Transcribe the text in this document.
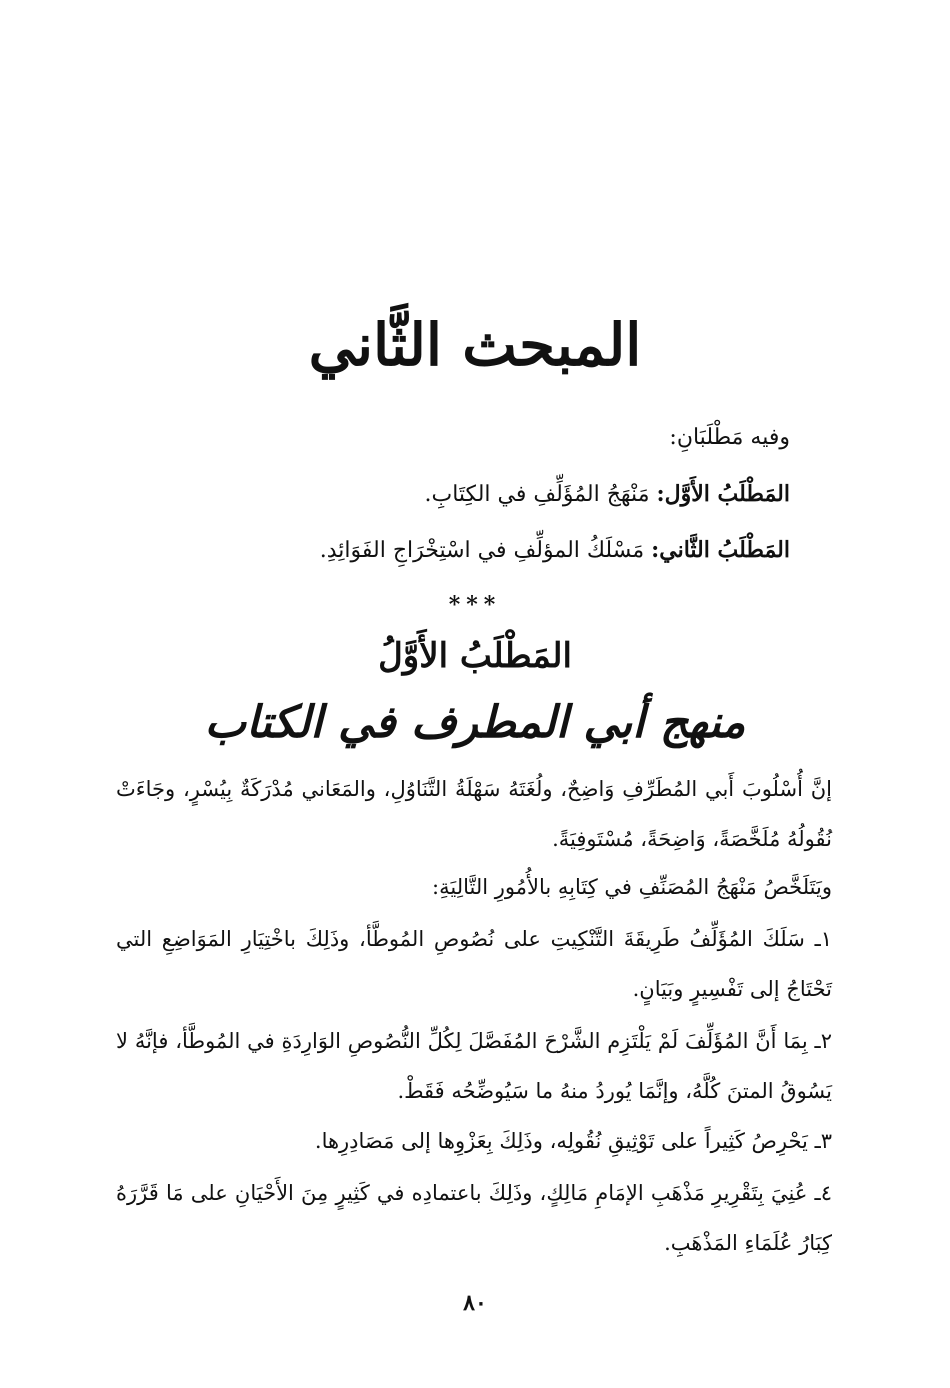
المبحث الثَّاني
وفيه مَطْلَبَانِ:
المَطْلَبُ الأَوَّل: مَنْهَجُ المُؤَلِّفِ في الكِتَابِ.
المَطْلَبُ الثَّاني: مَسْلَكُ المؤلِّفِ في اسْتِخْرَاجِ الفَوَائِدِ.
***
المَطْلَبُ الأَوَّلُ
منهج أبي المطرف في الكتاب
إنَّ أُسْلُوبَ أَبي المُطَرِّفِ وَاضِحٌ، ولُغَتَهُ سَهْلَةُ التَّنَاوُلِ، والمَعَاني مُدْرَكَةٌ بِيُسْرٍ، وجَاءَتْ نُقُولُهُ مُلَخَّصَةً، وَاضِحَةً، مُسْتَوفِيَةً.
ويَتَلَخَّصُ مَنْهَجُ المُصَنِّفِ في كِتَابِهِ بالأُمُورِ التَّالِيَةِ:
١ـ سَلَكَ المُؤَلِّفُ طَرِيقَةَ التَّنْكِيتِ على نُصُوصِ المُوطَّأ، وذَلِكَ باخْتِيَارِ المَوَاضِعِ التي تَحْتَاجُ إلى تَفْسِيرٍ وبَيَانٍ.
٢ـ بِمَا أَنَّ المُؤَلِّفَ لَمْ يَلْتَزِم الشَّرْحَ المُفَصَّلَ لِكُلِّ النُّصُوصِ الوَارِدَةِ في المُوطَّأ، فإنَّهُ لا يَسُوقُ المتنَ كُلَّهُ، وإنَّمَا يُوردُ منهُ ما سَيُوضِّحُه فَقَطْ.
٣ـ يَحْرِصُ كَثِيراً على تَوْثِيقِ نُقُولِه، وذَلِكَ بِعَزْوِها إلى مَصَادِرِها.
٤ـ عُنِيَ بِتَقْرِيرِ مَذْهَبِ الإمَامِ مَالِكٍ، وذَلِكَ باعتمادِه في كَثِيرٍ مِنَ الأَحْيَانِ على مَا قَرَّرَهُ كِبَارُ عُلَمَاءِ المَذْهَبِ.
٨٠
